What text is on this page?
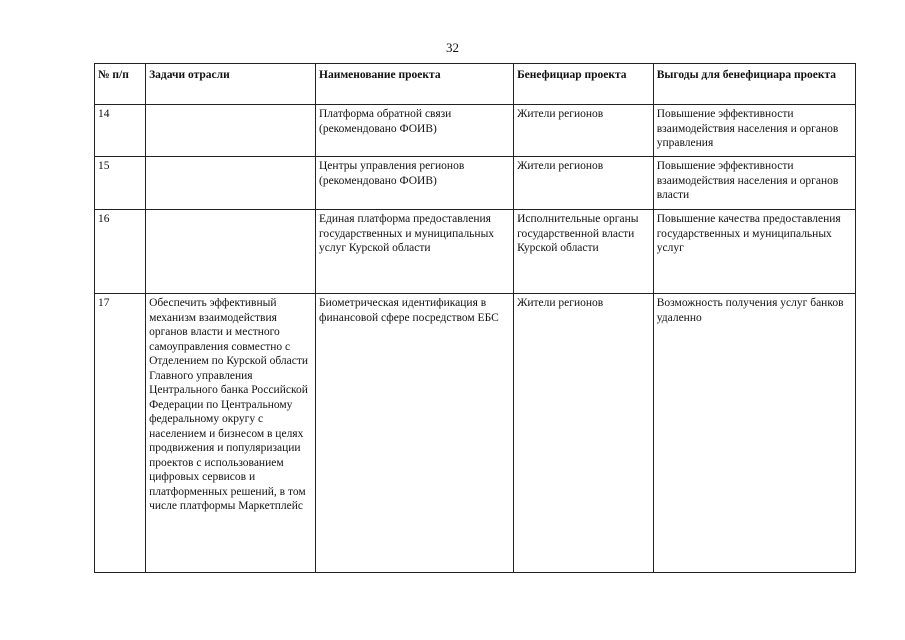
32
№ п/п	Задачи отрасли	Наименование проекта	Бенефициар проекта	Выгоды для бенефициара проекта
14		Платформа обратной связи (рекомендовано ФОИВ)	Жители регионов	Повышение эффективности взаимодействия населения и органов управления
15		Центры управления регионов (рекомендовано ФОИВ)	Жители регионов	Повышение эффективности взаимодействия населения и органов власти
16		Единая платформа предоставления государственных и муниципальных услуг Курской области	Исполнительные органы государственной власти Курской области	Повышение качества предоставления государственных и муниципальных услуг
17	Обеспечить эффективный механизм взаимодействия органов власти и местного самоуправления совместно с Отделением по Курской области Главного управления Центрального банка Российской Федерации по Центральному федеральному округу с населением и бизнесом в целях продвижения и популяризации проектов с использованием цифровых сервисов и платформенных решений, в том числе платформы Маркетплейс	Биометрическая идентификация в финансовой сфере посредством ЕБС	Жители регионов	Возможность получения услуг банков удаленно
